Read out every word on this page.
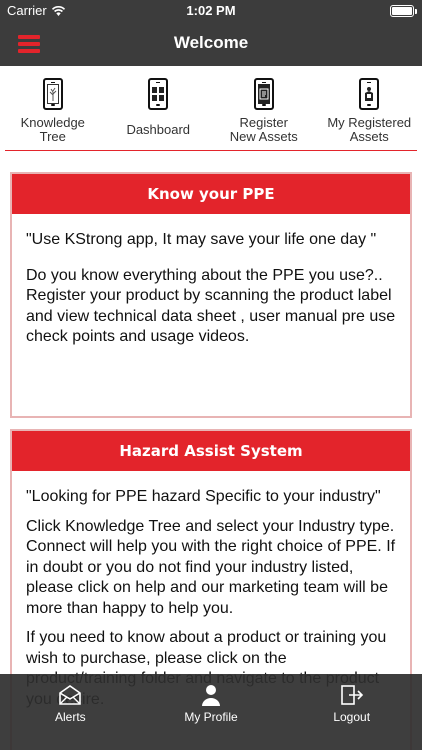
Carrier	1:02 PM
Welcome
Knowledge
Tree	Dashboard	Register
New Assets
My Registered
Assets
Know your PPE

"Use KStrong app, It may save your life one day "

Do you know everything about the PPE you use?.. Register your product by scanning the product label and view technical data sheet , user manual pre use check points and usage videos.

Hazard Assist System

"Looking for PPE hazard Specific to your industry"

Click Knowledge Tree and select your Industry type. Connect will help you with the right choice of PPE. If in doubt or you do not find your industry listed, please click on help and our marketing team will be more than happy to help you.

If you need to know about a product or training you wish to purchase, please click on the

Alerts	My Profile	Logout
